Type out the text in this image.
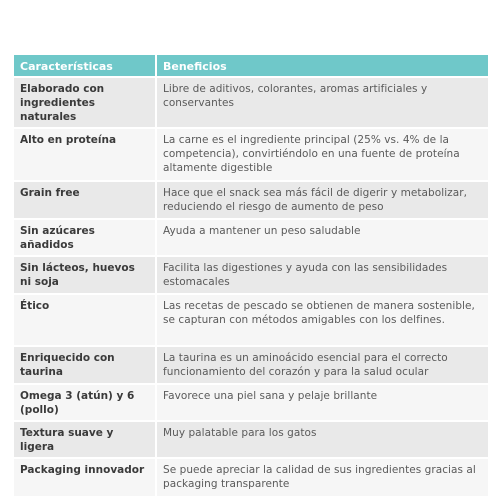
Características	Beneficios
Elaborado con ingredientes naturales	Libre de aditivos, colorantes, aromas artificiales y conservantes
Alto en proteína	La carne es el ingrediente principal (25% vs. 4% de la competencia), convirtiéndolo en una fuente de proteína altamente digestible
Grain free	Hace que el snack sea más fácil de digerir y metabolizar, reduciendo el riesgo de aumento de peso
Sin azúcares añadidos	Ayuda a mantener un peso saludable
Sin lácteos, huevos ni soja	Facilita las digestiones y ayuda con las sensibilidades estomacales
Ético	Las recetas de pescado se obtienen de manera sostenible, se capturan con métodos amigables con los delfines.
Enriquecido con taurina	La taurina es un aminoácido esencial para el correcto funcionamiento del corazón y para la salud ocular
Omega 3 (atún) y 6 (pollo)	Favorece una piel sana y pelaje brillante
Textura suave y ligera	Muy palatable para los gatos
Packaging innovador	Se puede apreciar la calidad de sus ingredientes gracias al packaging transparente
